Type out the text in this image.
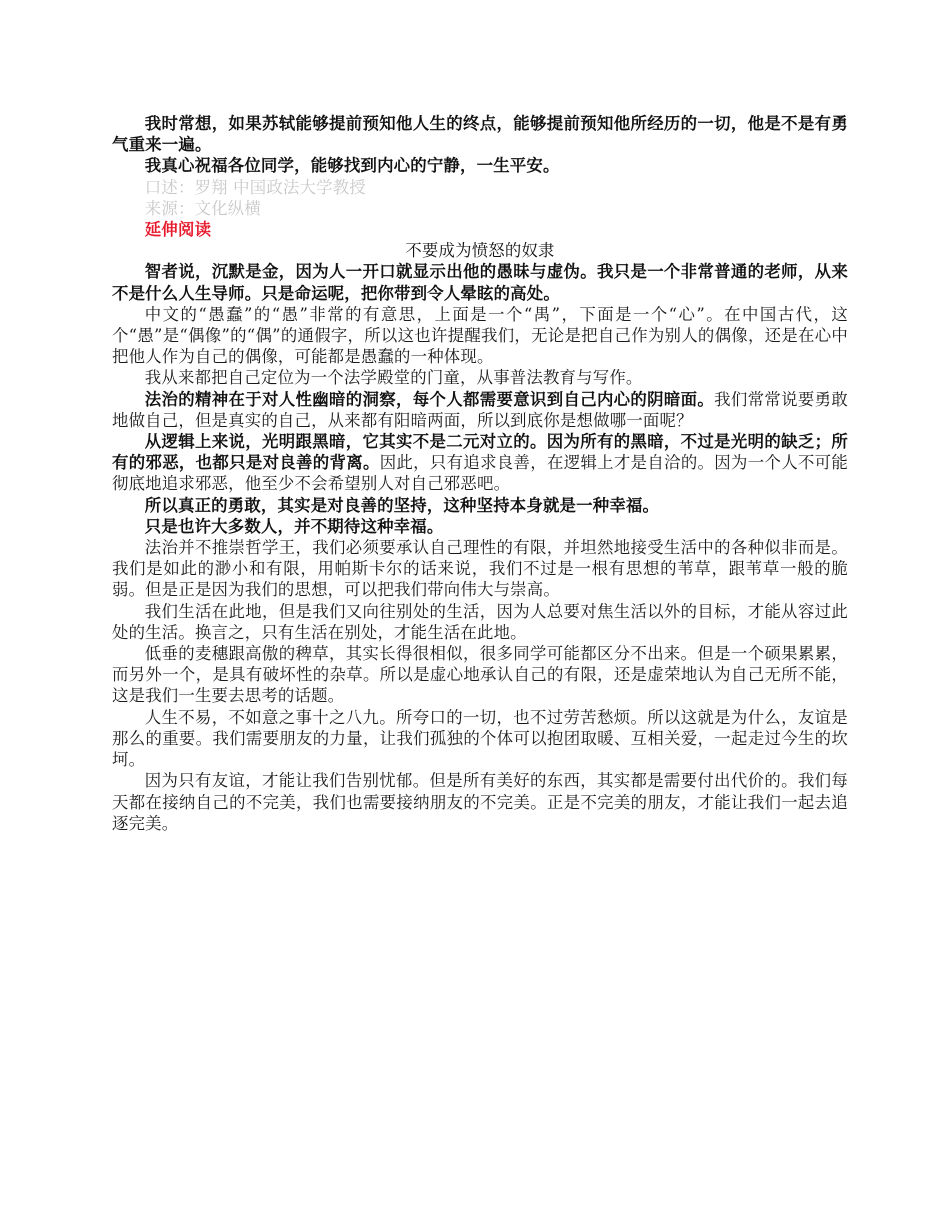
我时常想，如果苏轼能够提前预知他人生的终点，能够提前预知他所经历的一切，他是不是有勇气重来一遍。

我真心祝福各位同学，能够找到内心的宁静，一生平安。

口述：罗翔 中国政法大学教授

来源：文化纵横

延伸阅读

不要成为愤怒的奴隶

智者说，沉默是金，因为人一开口就显示出他的愚昧与虚伪。我只是一个非常普通的老师，从来不是什么人生导师。只是命运呢，把你带到令人晕眩的高处。

中文的“愚蠢”的“愚”非常的有意思，上面是一个“禺”，下面是一个“心”。在中国古代，这个“愚”是“偶像”的“偶”的通假字，所以这也许提醒我们，无论是把自己作为别人的偶像，还是在心中把他人作为自己的偶像，可能都是愚蠢的一种体现。

我从来都把自己定位为一个法学殿堂的门童，从事普法教育与写作。

法治的精神在于对人性幽暗的洞察，每个人都需要意识到自己内心的阴暗面。我们常常说要勇敢地做自己，但是真实的自己，从来都有阳暗两面，所以到底你是想做哪一面呢？

从逻辑上来说，光明跟黑暗，它其实不是二元对立的。因为所有的黑暗，不过是光明的缺乏；所有的邪恶，也都只是对良善的背离。因此，只有追求良善，在逻辑上才是自洽的。因为一个人不可能彻底地追求邪恶，他至少不会希望别人对自己邪恶吧。

所以真正的勇敢，其实是对良善的坚持，这种坚持本身就是一种幸福。

只是也许大多数人，并不期待这种幸福。

法治并不推崇哲学王，我们必须要承认自己理性的有限，并坦然地接受生活中的各种似非而是。我们是如此的渺小和有限，用帕斯卡尔的话来说，我们不过是一根有思想的苇草，跟苇草一般的脆弱。但是正是因为我们的思想，可以把我们带向伟大与崇高。

我们生活在此地，但是我们又向往别处的生活，因为人总要对焦生活以外的目标，才能从容过此处的生活。换言之，只有生活在别处，才能生活在此地。

低垂的麦穗跟高傲的稗草，其实长得很相似，很多同学可能都区分不出来。但是一个硕果累累，而另外一个，是具有破坏性的杂草。所以是虚心地承认自己的有限，还是虚荣地认为自己无所不能，这是我们一生要去思考的话题。

人生不易，不如意之事十之八九。所夸口的一切，也不过劳苦愁烦。所以这就是为什么，友谊是那么的重要。我们需要朋友的力量，让我们孤独的个体可以抱团取暖、互相关爱，一起走过今生的坎坷。

因为只有友谊，才能让我们告别忧郁。但是所有美好的东西，其实都是需要付出代价的。我们每天都在接纳自己的不完美，我们也需要接纳朋友的不完美。正是不完美的朋友，才能让我们一起去追逐完美。
